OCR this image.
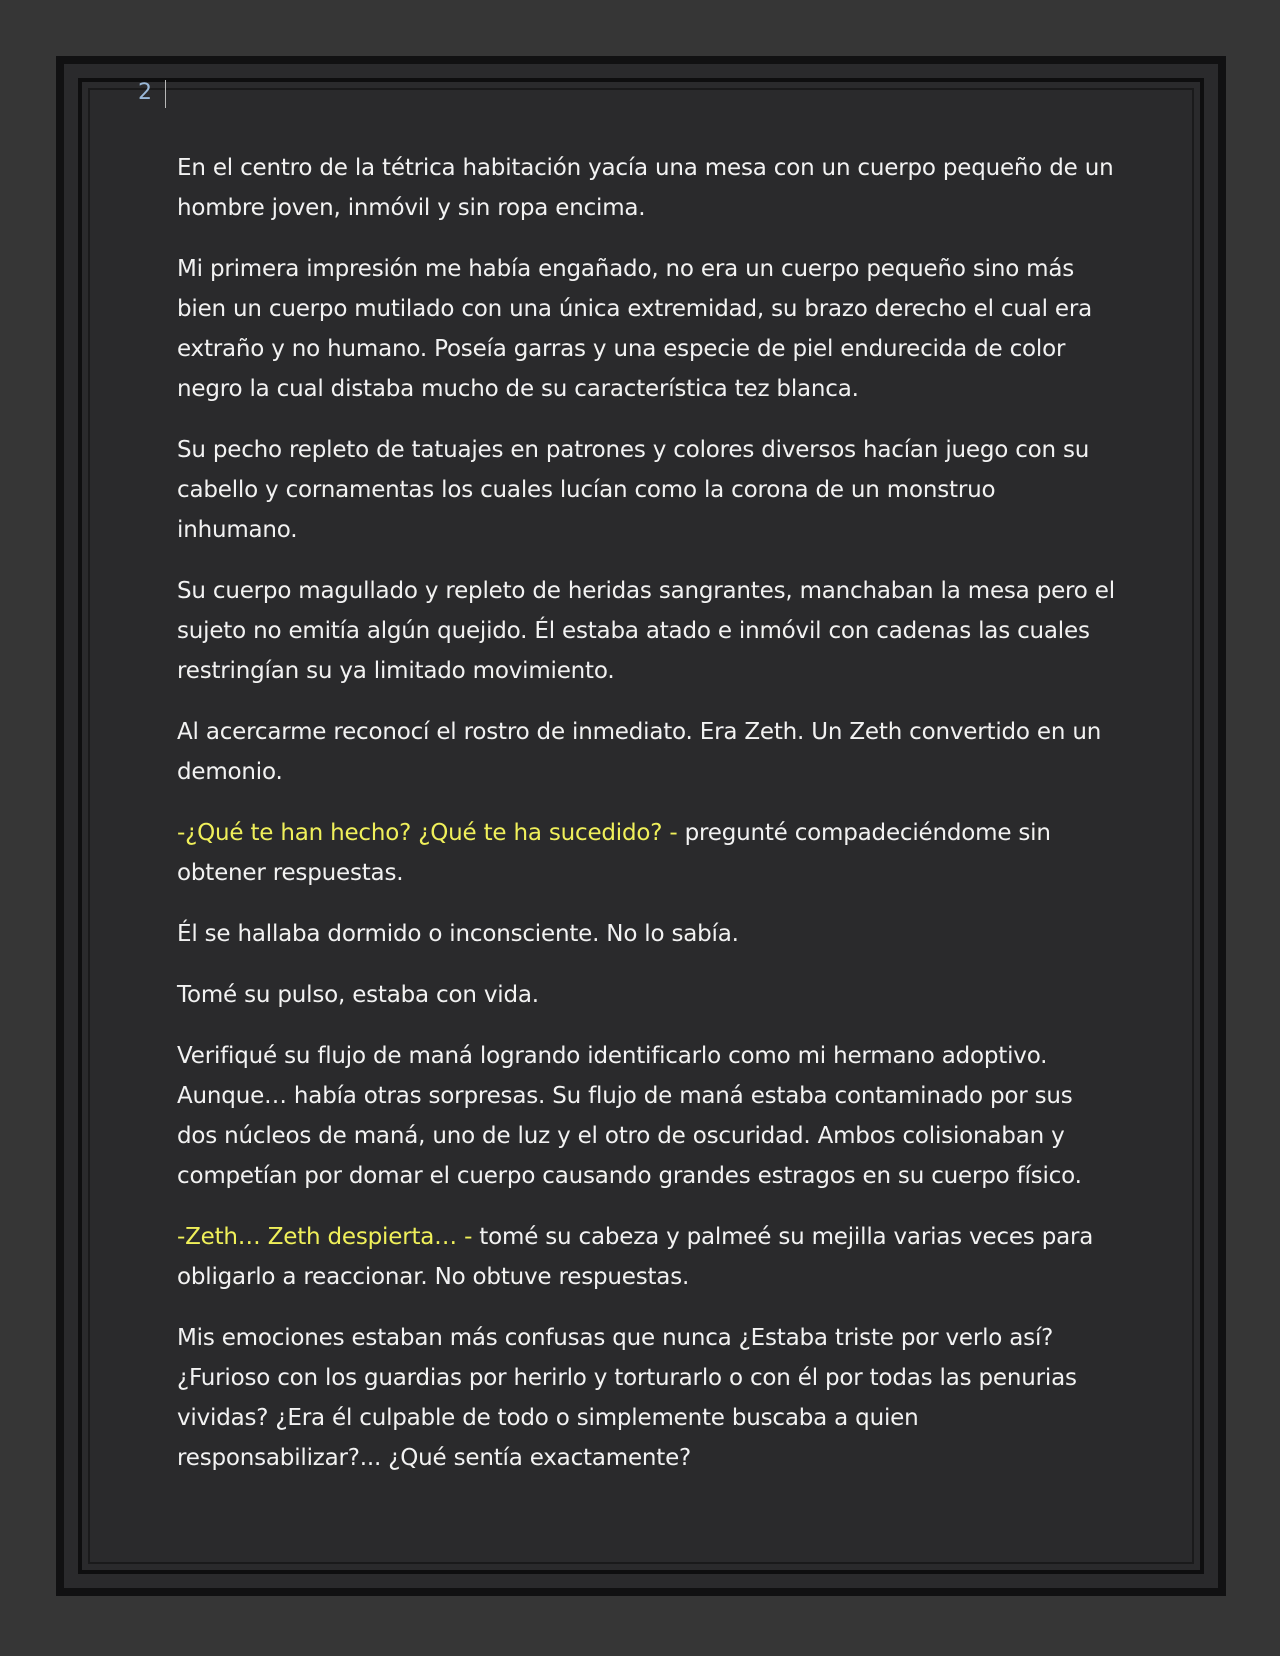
2

En el centro de la tétrica habitación yacía una mesa con un cuerpo pequeño de un hombre joven, inmóvil y sin ropa encima.

Mi primera impresión me había engañado, no era un cuerpo pequeño sino más bien un cuerpo mutilado con una única extremidad, su brazo derecho el cual era extraño y no humano. Poseía garras y una especie de piel endurecida de color negro la cual distaba mucho de su característica tez blanca.

Su pecho repleto de tatuajes en patrones y colores diversos hacían juego con su cabello y cornamentas los cuales lucían como la corona de un monstruo inhumano.

Su cuerpo magullado y repleto de heridas sangrantes, manchaban la mesa pero el sujeto no emitía algún quejido. Él estaba atado e inmóvil con cadenas las cuales restringían su ya limitado movimiento.

Al acercarme reconocí el rostro de inmediato. Era Zeth. Un Zeth convertido en un demonio.

-¿Qué te han hecho? ¿Qué te ha sucedido? - pregunté compadeciéndome sin obtener respuestas.

Él se hallaba dormido o inconsciente. No lo sabía.

Tomé su pulso, estaba con vida.

Verifiqué su flujo de maná logrando identificarlo como mi hermano adoptivo. Aunque… había otras sorpresas. Su flujo de maná estaba contaminado por sus dos núcleos de maná, uno de luz y el otro de oscuridad. Ambos colisionaban y competían por domar el cuerpo causando grandes estragos en su cuerpo físico.

-Zeth… Zeth despierta… - tomé su cabeza y palmeé su mejilla varias veces para obligarlo a reaccionar. No obtuve respuestas.

Mis emociones estaban más confusas que nunca ¿Estaba triste por verlo así? ¿Furioso con los guardias por herirlo y torturarlo o con él por todas las penurias vividas? ¿Era él culpable de todo o simplemente buscaba a quien responsabilizar?... ¿Qué sentía exactamente?
